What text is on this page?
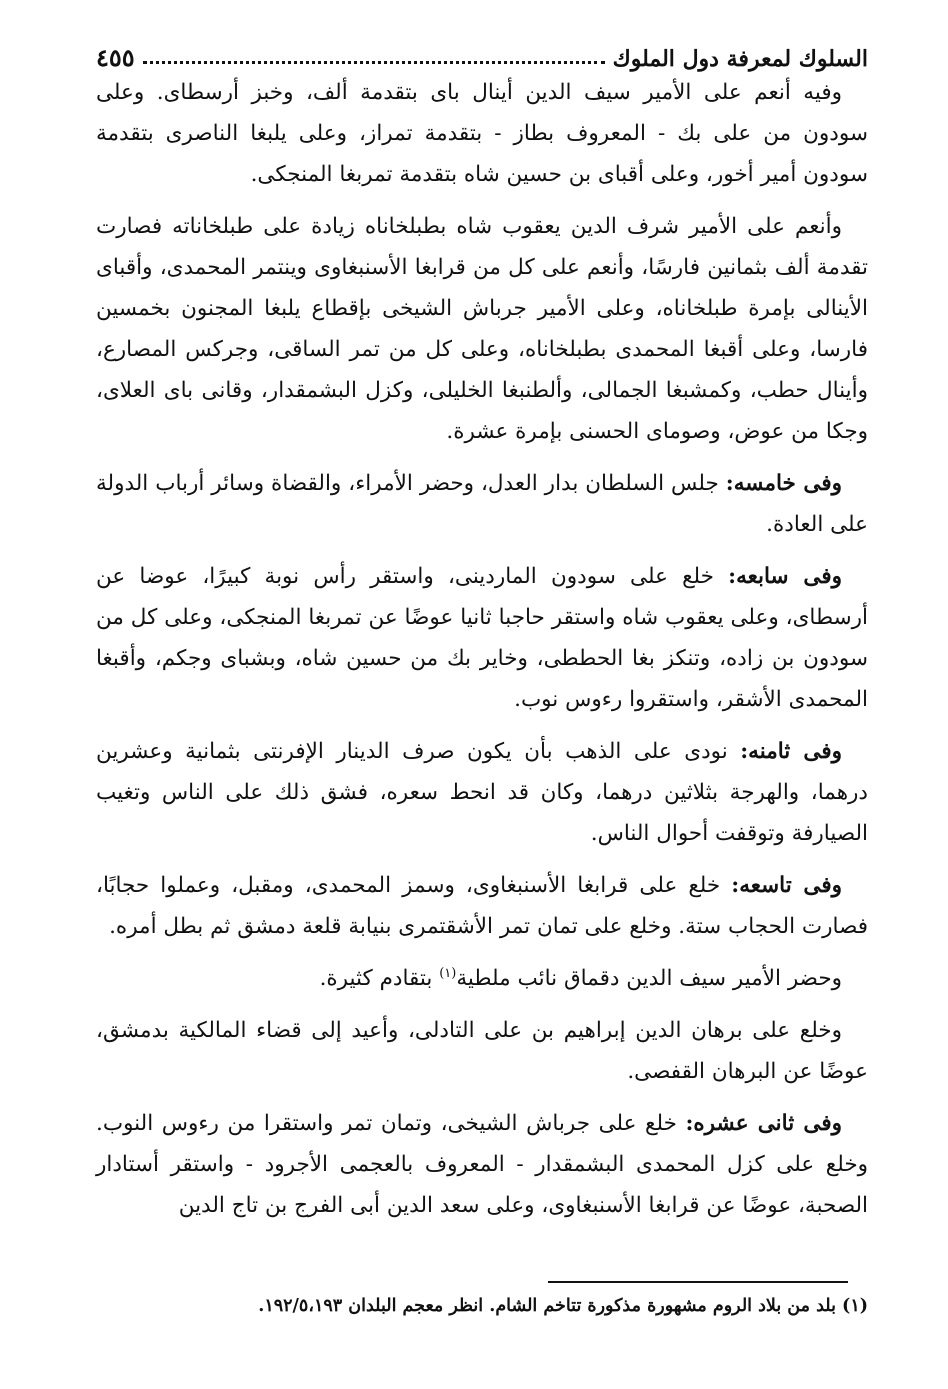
السلوك لمعرفة دول الملوك
٤٥٥

وفيه أنعم على الأمير سيف الدين أينال باى بتقدمة ألف، وخبز أرسطاى. وعلى سودون من على بك - المعروف بطاز - بتقدمة تمراز، وعلى يلبغا الناصرى بتقدمة سودون أمير أخور، وعلى أقباى بن حسين شاه بتقدمة تمربغا المنجكى.

وأنعم على الأمير شرف الدين يعقوب شاه بطبلخاناه زيادة على طبلخاناته فصارت تقدمة ألف بثمانين فارسًا، وأنعم على كل من قرابغا الأسنبغاوى وينتمر المحمدى، وأقباى الأينالى بإمرة طبلخاناه، وعلى الأمير جرباش الشيخى بإقطاع يلبغا المجنون بخمسين فارسا، وعلى أقبغا المحمدى بطبلخاناه، وعلى كل من تمر الساقى، وجركس المصارع، وأينال حطب، وكمشبغا الجمالى، وألطنبغا الخليلى، وكزل البشمقدار، وقانى باى العلاى، وجكا من عوض، وصوماى الحسنى بإمرة عشرة.

وفى خامسه: جلس السلطان بدار العدل، وحضر الأمراء، والقضاة وسائر أرباب الدولة على العادة.

وفى سابعه: خلع على سودون الماردينى، واستقر رأس نوبة كبيرًا، عوضا عن أرسطاى، وعلى يعقوب شاه واستقر حاجبا ثانيا عوضًا عن تمربغا المنجكى، وعلى كل من سودون بن زاده، وتنكز بغا الحططى، وخاير بك من حسين شاه، وبشباى وجكم، وأقبغا المحمدى الأشقر، واستقروا رءوس نوب.

وفى ثامنه: نودى على الذهب بأن يكون صرف الدينار الإفرنتى بثمانية وعشرين درهما، والهرجة بثلاثين درهما، وكان قد انحط سعره، فشق ذلك على الناس وتغيب الصيارفة وتوقفت أحوال الناس.

وفى تاسعه: خلع على قرابغا الأسنبغاوى، وسمز المحمدى، ومقبل، وعملوا حجابًا، فصارت الحجاب ستة. وخلع على تمان تمر الأشقتمرى بنيابة قلعة دمشق ثم بطل أمره.

وحضر الأمير سيف الدين دقماق نائب ملطية$^{(١)}$ بتقادم كثيرة.

وخلع على برهان الدين إبراهيم بن على التادلى، وأعيد إلى قضاء المالكية بدمشق، عوضًا عن البرهان القفصى.

وفى ثانى عشره: خلع على جرباش الشيخى، وتمان تمر واستقرا من رءوس النوب. وخلع على كزل المحمدى البشمقدار - المعروف بالعجمى الأجرود - واستقر أستادار الصحبة، عوضًا عن قرابغا الأسنبغاوى، وعلى سعد الدين أبى الفرج بن تاج الدين

(١) بلد من بلاد الروم مشهورة مذكورة تتاخم الشام. انظر معجم البلدان ١٩٢/٥،١٩٣.
